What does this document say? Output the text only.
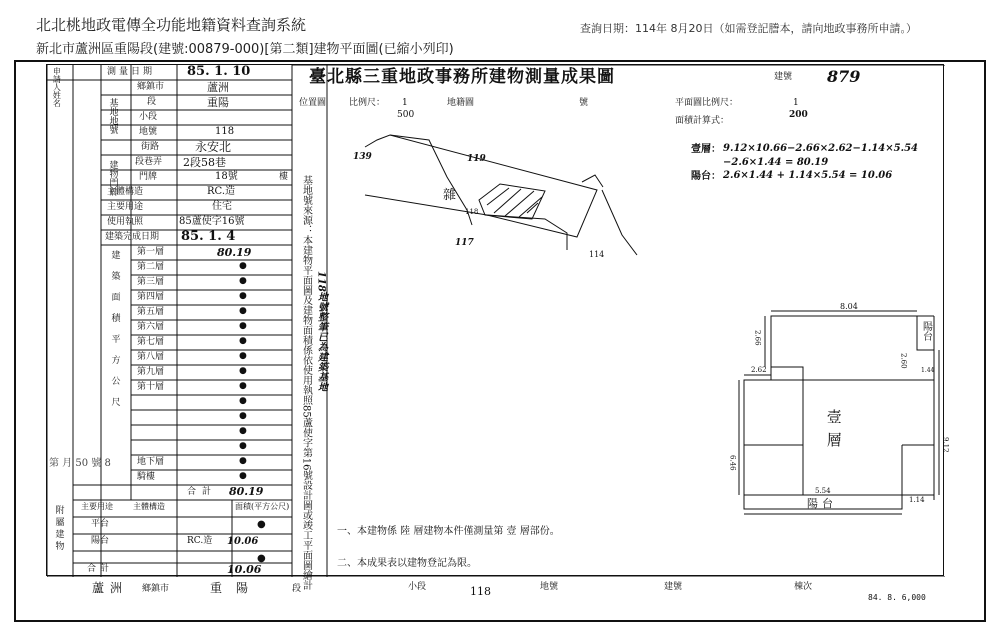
北北桃地政電傳全功能地籍資料查詢系統
新北市蘆洲區重陽段(建號:00879-000)[第二類]建物平面圖(已縮小列印)
查詢日期：114年 8月20日（如需登記謄本，請向地政事務所申請。）
臺北縣三重地政事務所建物測量成果圖	建號 879
位置圖	比例尺： 1
500
地籍圖	號	平面圖比例尺：	1
200
面積計算式：
壹層： 9.12×10.66−2.66×2.62−1.14×5.54
−2.6×1.44 = 80.19
陽台： 2.6×1.44 + 1.14×5.54 = 10.06
申請人姓名	測量日期 85. 1. 10
基地地號
鄉鎮市	蘆洲
段	重陽
小段
地號	118
建物門牌
街路	永安北
段巷弄 2段58巷
門牌	18號	樓
主體構造	RC.造
主要用途	住宅
使用執照	85蘆使字16號
建築完成日期 85. 1. 4
建築面積平方公尺 第一層	80.19
第二層	●
第三層	●
第四層	●
第五層	●
第六層	●
第七層	●
第八層	●
第九層	●
第十層	●
●
●
●
●
地下層	●
騎樓	●
第 月 50 號 8
合計 80.19
附屬建物 主要用途	主體構造	面積(平方公尺)
平台	●
陽台	RC.造 10.06
●
合計	10.06	基地號來源：本建物平面圖及建物面積係依使用執照85蘆使字第16號設計圖或竣工平面圖繪計 118地號整筆已為建築基地
139	119
雜
118
117
114
8.04
2.66
2.62
6.46
9.12
2.60
1.44
陽台
壹層
5.54
1.14
陽台
一、本建物係 陸 層建物本件僅測量第 壹 層部份。
二、本成果表以建物登記為限。
蘆洲 鄉鎮市	重陽	段	小段	118	地號	建號	棟次
84. 8. 6,000
